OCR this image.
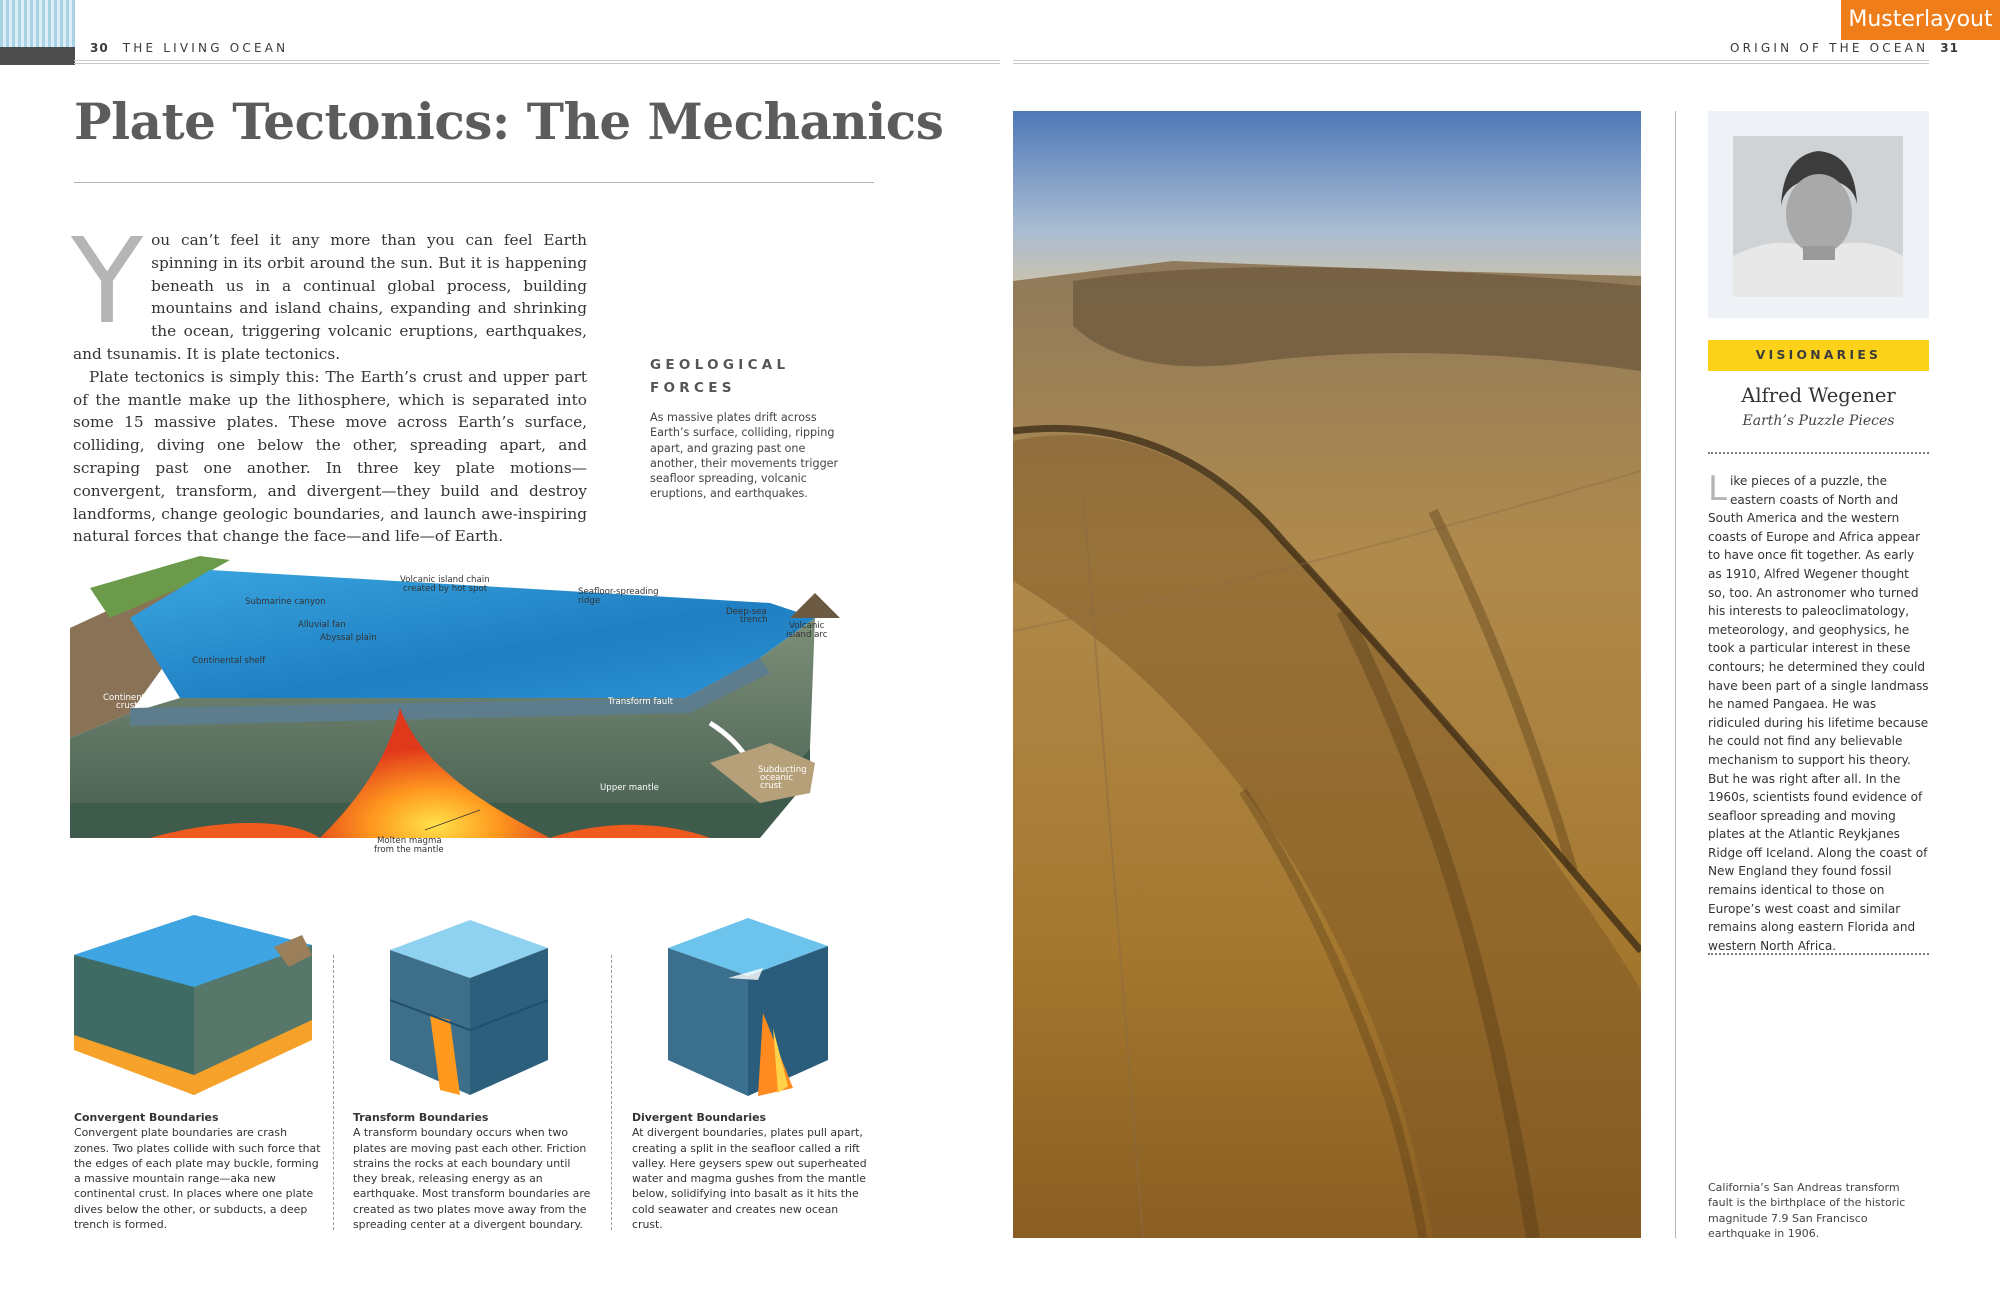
30 THE LIVING OCEAN	ORIGIN OF THE OCEAN 31
Musterlayout
Plate Tectonics: The Mechanics

You can’t feel it any more than you can feel Earth spinning in its orbit around the sun. But it is happening beneath us in a continual global process, building mountains and island chains, expanding and shrinking the ocean, triggering volcanic eruptions, earthquakes, and tsunamis. It is plate tectonics.

Plate tectonics is simply this: The Earth’s crust and upper part of the mantle make up the lithosphere, which is separated into some 15 massive plates. These move across Earth’s surface, colliding, diving one below the other, spreading apart, and scraping past one another. In three key plate motions—convergent, transform, and divergent—they build and destroy landforms, change geologic boundaries, and launch awe-inspiring natural forces that change the face—and life—of Earth.

GEOLOGICAL
FORCES
As massive plates drift across Earth’s surface, colliding, ripping apart, and grazing past one another, their movements trigger seafloor spreading, volcanic eruptions, and earthquakes.
Volcanic island chain
created by hot spot	Seafloor-spreading
ridge
Submarine canyon
Alluvial fan
Abyssal plain
Continental shelf
Continental
crust
Deep-sea
trench
Volcanic
island arc
Transform fault
Upper mantle
Subducting
oceanic
crust
Molten magma
from the mantle
Convergent Boundaries
Convergent plate boundaries are crash zones. Two plates collide with such force that the edges of each plate may buckle, forming a massive mountain range—aka new continental crust. In places where one plate dives below the other, or subducts, a deep trench is formed.
Transform Boundaries
A transform boundary occurs when two plates are moving past each other. Friction strains the rocks at each boundary until they break, releasing energy as an earthquake. Most transform boundaries are created as two plates move away from the spreading center at a divergent boundary.
Divergent Boundaries
At divergent boundaries, plates pull apart, creating a split in the seafloor called a rift valley. Here geysers spew out superheated water and magma gushes from the mantle below, solidifying into basalt as it hits the cold seawater and creates new ocean crust.
VISIONARIES
Alfred Wegener
Earth’s Puzzle Pieces
Like pieces of a puzzle, the eastern coasts of North and South America and the western coasts of Europe and Africa appear to have once fit together. As early as 1910, Alfred Wegener thought so, too. An astronomer who turned his interests to paleoclimatology, meteorology, and geophysics, he took a particular interest in these contours; he determined they could have been part of a single landmass he named Pangaea. He was ridiculed during his lifetime because he could not find any believable mechanism to support his theory. But he was right after all. In the 1960s, scientists found evidence of seafloor spreading and moving plates at the Atlantic Reykjanes Ridge off Iceland. Along the coast of New England they found fossil remains identical to those on Europe’s west coast and similar remains along eastern Florida and western North Africa.
California’s San Andreas transform fault is the birthplace of the historic magnitude 7.9 San Francisco earthquake in 1906.
